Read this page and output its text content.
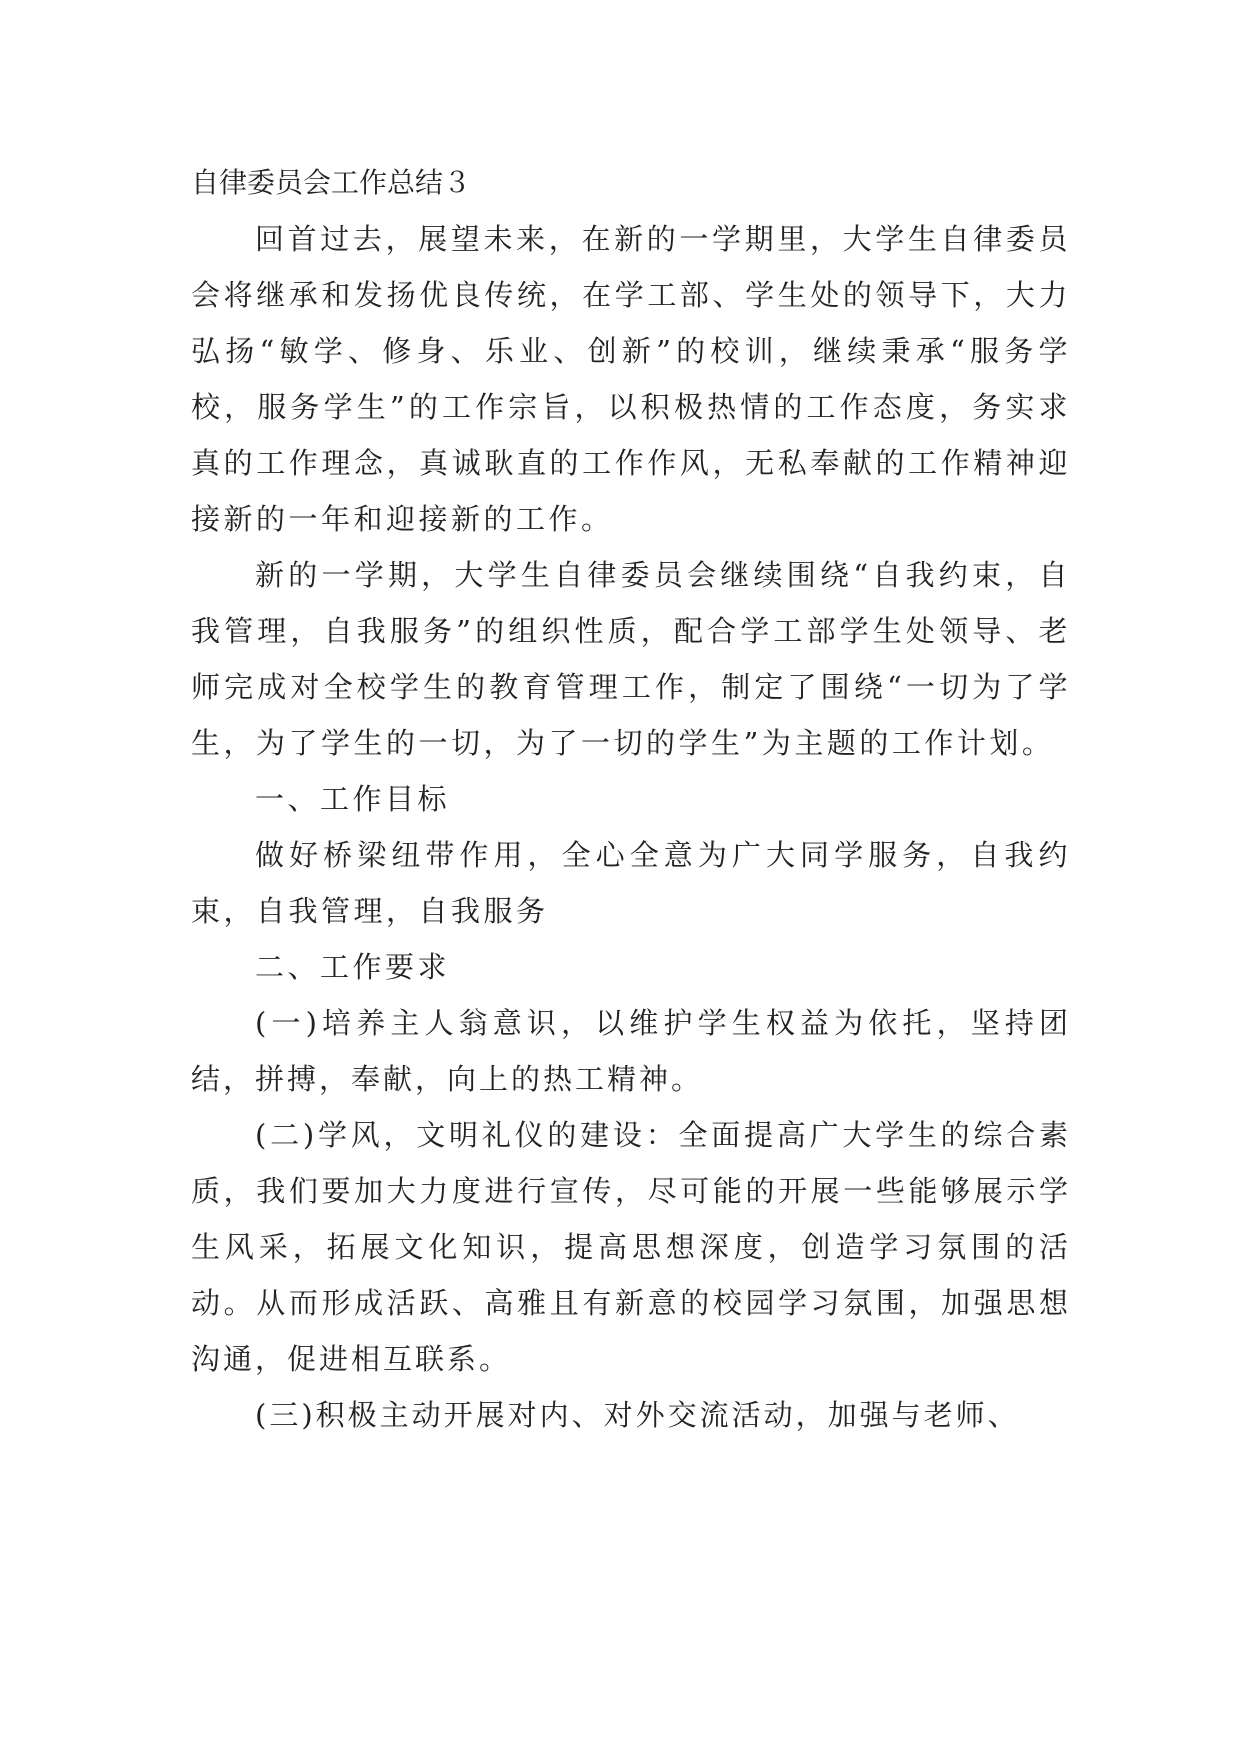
自律委员会工作总结３

回首过去，展望未来，在新的一学期里，大学生自律委员会将继承和发扬优良传统，在学工部、学生处的领导下，大力弘扬“敏学、修身、乐业、创新”的校训，继续秉承“服务学校，服务学生”的工作宗旨，以积极热情的工作态度，务实求真的工作理念，真诚耿直的工作作风，无私奉献的工作精神迎接新的一年和迎接新的工作。

新的一学期，大学生自律委员会继续围绕“自我约束，自我管理，自我服务”的组织性质，配合学工部学生处领导、老师完成对全校学生的教育管理工作，制定了围绕“一切为了学生，为了学生的一切，为了一切的学生”为主题的工作计划。

一、工作目标

做好桥梁纽带作用，全心全意为广大同学服务，自我约束，自我管理，自我服务

二、工作要求

(一)培养主人翁意识，以维护学生权益为依托，坚持团结，拼搏，奉献，向上的热工精神。

(二)学风，文明礼仪的建设：全面提高广大学生的综合素质，我们要加大力度进行宣传，尽可能的开展一些能够展示学生风采，拓展文化知识，提高思想深度，创造学习氛围的活动。从而形成活跃、高雅且有新意的校园学习氛围，加强思想沟通，促进相互联系。

(三)积极主动开展对内、对外交流活动，加强与老师、
